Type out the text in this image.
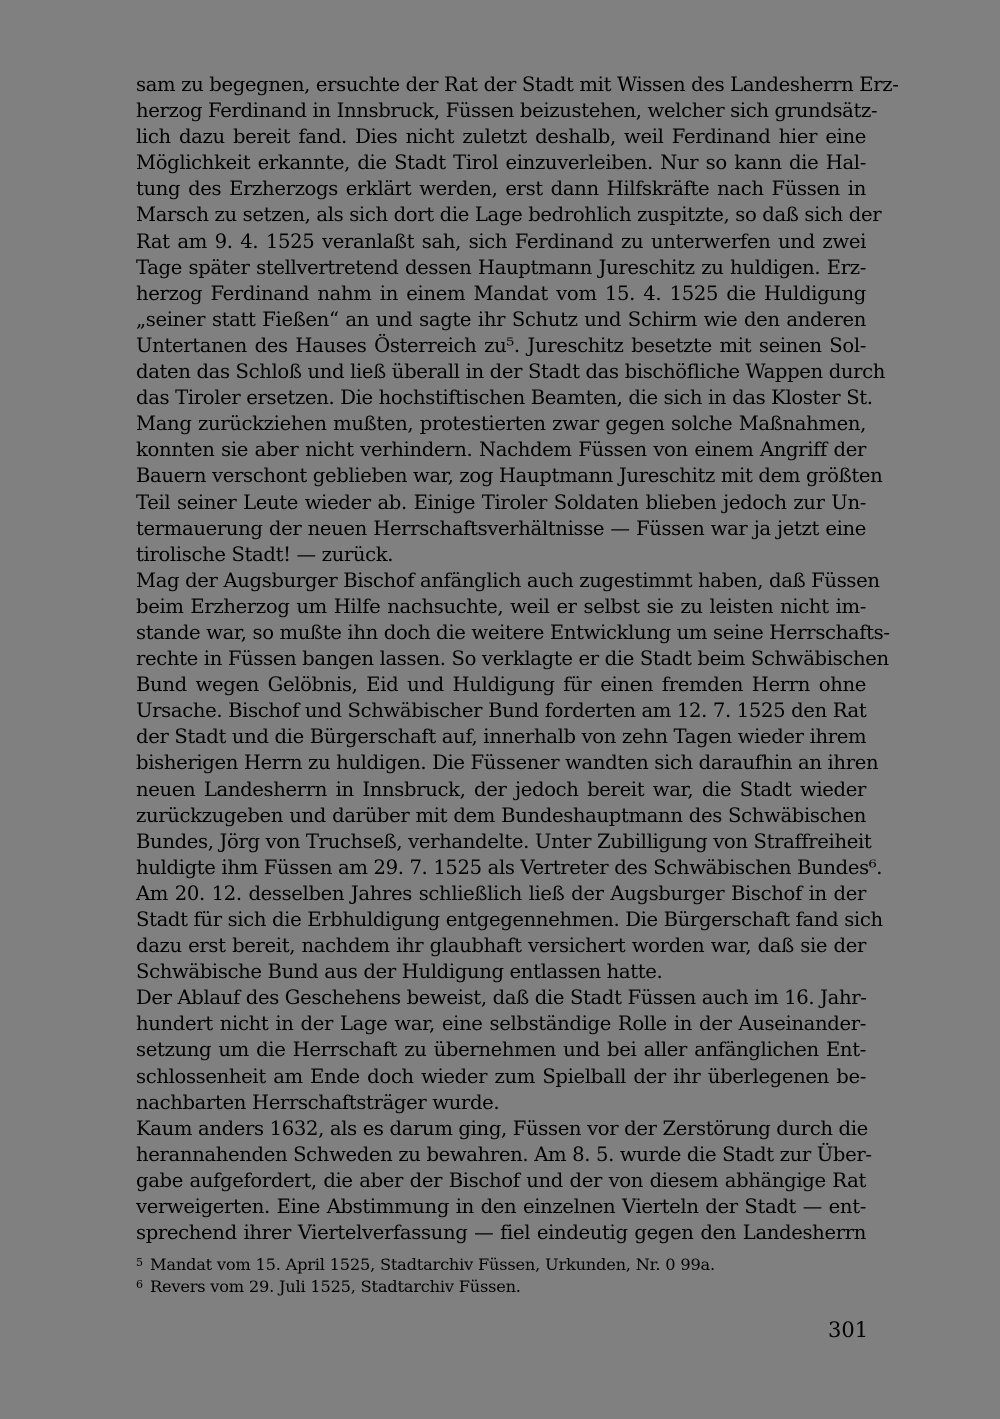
sam zu begegnen, ersuchte der Rat der Stadt mit Wissen des Landesherrn Erz-
herzog Ferdinand in Innsbruck, Füssen beizustehen, welcher sich grundsätz-
lich dazu bereit fand. Dies nicht zuletzt deshalb, weil Ferdinand hier eine
Möglichkeit erkannte, die Stadt Tirol einzuverleiben. Nur so kann die Hal-
tung des Erzherzogs erklärt werden, erst dann Hilfskräfte nach Füssen in
Marsch zu setzen, als sich dort die Lage bedrohlich zuspitzte, so daß sich der
Rat am 9. 4. 1525 veranlaßt sah, sich Ferdinand zu unterwerfen und zwei
Tage später stellvertretend dessen Hauptmann Jureschitz zu huldigen. Erz-
herzog Ferdinand nahm in einem Mandat vom 15. 4. 1525 die Huldigung
„seiner statt Fießen“ an und sagte ihr Schutz und Schirm wie den anderen
Untertanen des Hauses Österreich zu⁵. Jureschitz besetzte mit seinen Sol-
daten das Schloß und ließ überall in der Stadt das bischöfliche Wappen durch
das Tiroler ersetzen. Die hochstiftischen Beamten, die sich in das Kloster St.
Mang zurückziehen mußten, protestierten zwar gegen solche Maßnahmen,
konnten sie aber nicht verhindern. Nachdem Füssen von einem Angriff der
Bauern verschont geblieben war, zog Hauptmann Jureschitz mit dem größten
Teil seiner Leute wieder ab. Einige Tiroler Soldaten blieben jedoch zur Un-
termauerung der neuen Herrschaftsverhältnisse — Füssen war ja jetzt eine
tirolische Stadt! — zurück.
Mag der Augsburger Bischof anfänglich auch zugestimmt haben, daß Füssen
beim Erzherzog um Hilfe nachsuchte, weil er selbst sie zu leisten nicht im-
stande war, so mußte ihn doch die weitere Entwicklung um seine Herrschafts-
rechte in Füssen bangen lassen. So verklagte er die Stadt beim Schwäbischen
Bund wegen Gelöbnis, Eid und Huldigung für einen fremden Herrn ohne
Ursache. Bischof und Schwäbischer Bund forderten am 12. 7. 1525 den Rat
der Stadt und die Bürgerschaft auf, innerhalb von zehn Tagen wieder ihrem
bisherigen Herrn zu huldigen. Die Füssener wandten sich daraufhin an ihren
neuen Landesherrn in Innsbruck, der jedoch bereit war, die Stadt wieder
zurückzugeben und darüber mit dem Bundeshauptmann des Schwäbischen
Bundes, Jörg von Truchseß, verhandelte. Unter Zubilligung von Straffreiheit
huldigte ihm Füssen am 29. 7. 1525 als Vertreter des Schwäbischen Bundes⁶.
Am 20. 12. desselben Jahres schließlich ließ der Augsburger Bischof in der
Stadt für sich die Erbhuldigung entgegennehmen. Die Bürgerschaft fand sich
dazu erst bereit, nachdem ihr glaubhaft versichert worden war, daß sie der
Schwäbische Bund aus der Huldigung entlassen hatte.
Der Ablauf des Geschehens beweist, daß die Stadt Füssen auch im 16. Jahr-
hundert nicht in der Lage war, eine selbständige Rolle in der Auseinander-
setzung um die Herrschaft zu übernehmen und bei aller anfänglichen Ent-
schlossenheit am Ende doch wieder zum Spielball der ihr überlegenen be-
nachbarten Herrschaftsträger wurde.
Kaum anders 1632, als es darum ging, Füssen vor der Zerstörung durch die
herannahenden Schweden zu bewahren. Am 8. 5. wurde die Stadt zur Über-
gabe aufgefordert, die aber der Bischof und der von diesem abhängige Rat
verweigerten. Eine Abstimmung in den einzelnen Vierteln der Stadt — ent-
sprechend ihrer Viertelverfassung — fiel eindeutig gegen den Landesherrn
5 Mandat vom 15. April 1525, Stadtarchiv Füssen, Urkunden, Nr. 0 99a.
6 Revers vom 29. Juli 1525, Stadtarchiv Füssen.
301
